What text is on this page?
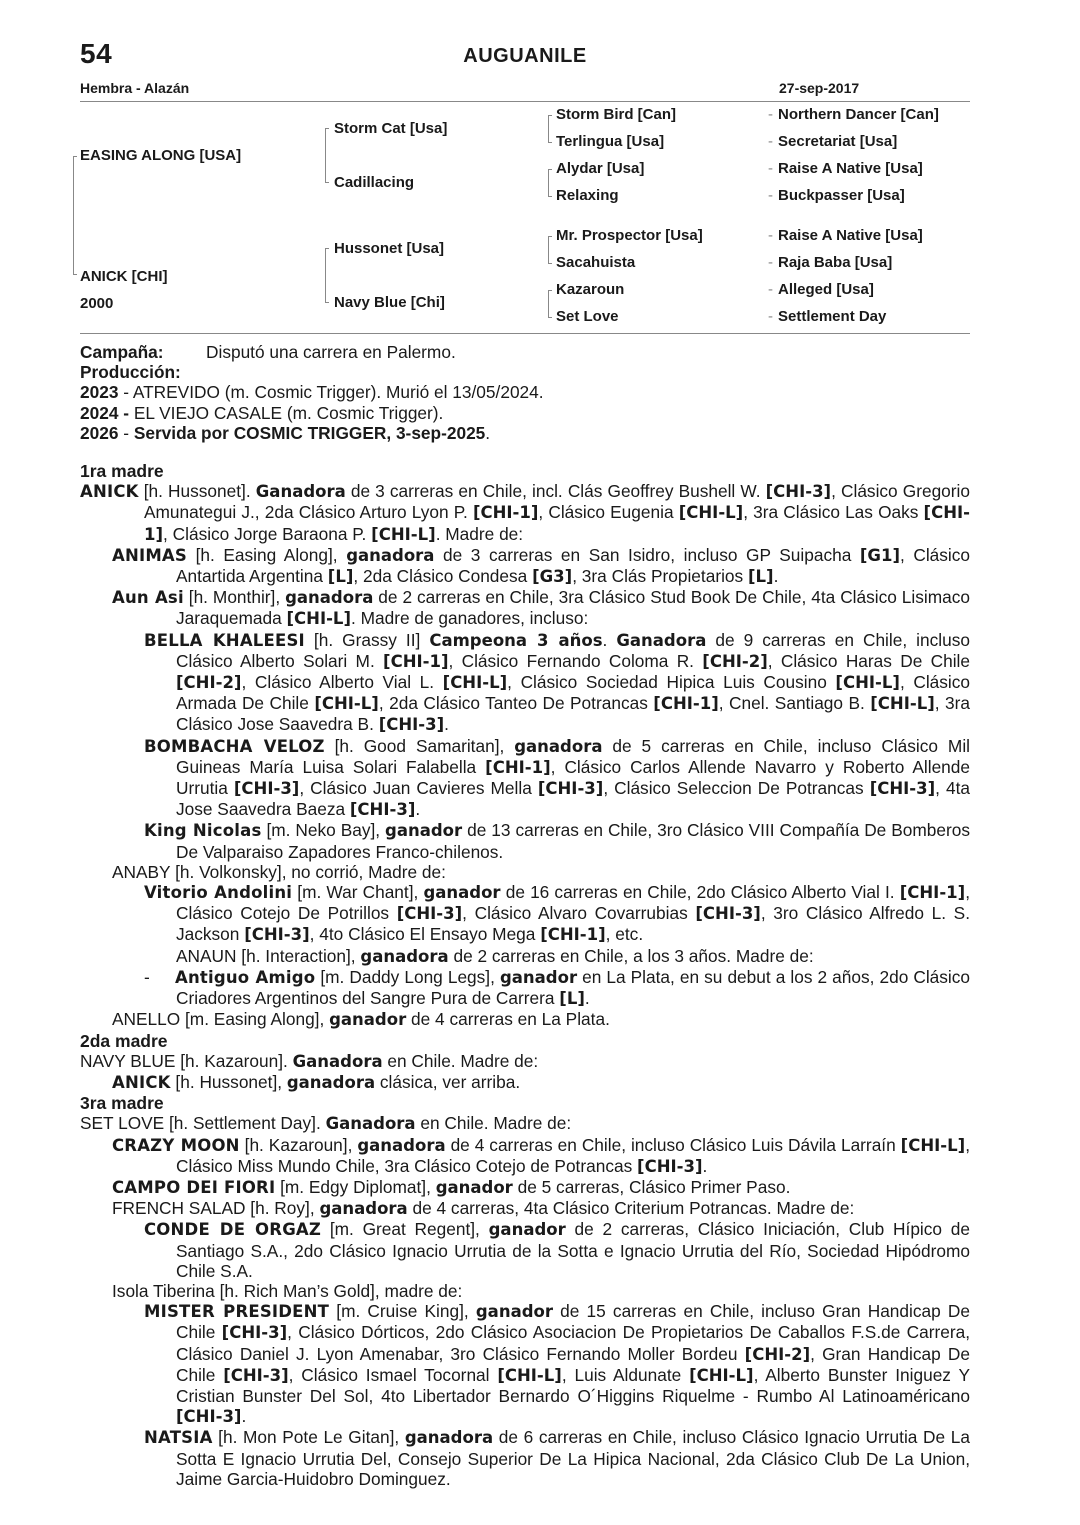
54	AUGUANILE
Hembra - Alazán	27-sep-2017
EASING ALONG [USA]
ANICK [CHI]
2000
Storm Cat [Usa]
Cadillacing
Hussonet [Usa]
Navy Blue [Chi]
Storm Bird [Can]
Terlingua [Usa]
Alydar [Usa]
Relaxing
Mr. Prospector [Usa]
Sacahuista
Kazaroun
Set Love
- Northern Dancer [Can]
- Secretariat [Usa]
- Raise A Native [Usa]
- Buckpasser [Usa]
- Raise A Native [Usa]
- Raja Baba [Usa]
- Alleged [Usa]
- Settlement Day

Campaña: Disputó una carrera en Palermo.

Producción:

2023 - ATREVIDO (m. Cosmic Trigger). Murió el 13/05/2024.

2024 - EL VIEJO CASALE (m. Cosmic Trigger).

2026 - Servida por COSMIC TRIGGER, 3-sep-2025.

1ra madre

ANICK [h. Hussonet]. Ganadora de 3 carreras en Chile, incl. Clás Geoffrey Bushell W. [CHI-3], Clásico Gregorio Amunategui J., 2da Clásico Arturo Lyon P. [CHI-1], Clásico Eugenia [CHI-L], 3ra Clásico Las Oaks [CHI-1], Clásico Jorge Baraona P. [CHI-L]. Madre de:

ANIMAS [h. Easing Along], ganadora de 3 carreras en San Isidro, incluso GP Suipacha [G1], Clásico Antartida Argentina [L], 2da Clásico Condesa [G3], 3ra Clás Propietarios [L].

Aun Asi [h. Monthir], ganadora de 2 carreras en Chile, 3ra Clásico Stud Book De Chile, 4ta Clásico Lisimaco Jaraquemada [CHI-L]. Madre de ganadores, incluso:

BELLA KHALEESI [h. Grassy II] Campeona 3 años. Ganadora de 9 carreras en Chile, incluso Clásico Alberto Solari M. [CHI-1], Clásico Fernando Coloma R. [CHI-2], Clásico Haras De Chile [CHI-2], Clásico Alberto Vial L. [CHI-L], Clásico Sociedad Hipica Luis Cousino [CHI-L], Clásico Armada De Chile [CHI-L], 2da Clásico Tanteo De Potrancas [CHI-1], Cnel. Santiago B. [CHI-L], 3ra Clásico Jose Saavedra B. [CHI-3].

BOMBACHA VELOZ [h. Good Samaritan], ganadora de 5 carreras en Chile, incluso Clásico Mil Guineas María Luisa Solari Falabella [CHI-1], Clásico Carlos Allende Navarro y Roberto Allende Urrutia [CHI-3], Clásico Juan Cavieres Mella [CHI-3], Clásico Seleccion De Potrancas [CHI-3], 4ta Jose Saavedra Baeza [CHI-3].

King Nicolas [m. Neko Bay], ganador de 13 carreras en Chile, 3ro Clásico VIII Compañía De Bomberos De Valparaiso Zapadores Franco-chilenos.

ANABY [h. Volkonsky], no corrió, Madre de:

Vitorio Andolini [m. War Chant], ganador de 16 carreras en Chile, 2do Clásico Alberto Vial I. [CHI-1], Clásico Cotejo De Potrillos [CHI-3], Clásico Alvaro Covarrubias [CHI-3], 3ro Clásico Alfredo L. S. Jackson [CHI-3], 4to Clásico El Ensayo Mega [CHI-1], etc.

ANAUN [h. Interaction], ganadora de 2 carreras en Chile, a los 3 años. Madre de:

-     Antiguo Amigo [m. Daddy Long Legs], ganador en La Plata, en su debut a los 2 años, 2do Clásico Criadores Argentinos del Sangre Pura de Carrera [L].

ANELLO [m. Easing Along], ganador de 4 carreras en La Plata.

2da madre

NAVY BLUE [h. Kazaroun]. Ganadora en Chile. Madre de:

ANICK [h. Hussonet], ganadora clásica, ver arriba.

3ra madre

SET LOVE [h. Settlement Day]. Ganadora en Chile. Madre de:

CRAZY MOON [h. Kazaroun], ganadora de 4 carreras en Chile, incluso Clásico Luis Dávila Larraín [CHI-L], Clásico Miss Mundo Chile, 3ra Clásico Cotejo de Potrancas [CHI-3].

CAMPO DEI FIORI [m. Edgy Diplomat], ganador de 5 carreras, Clásico Primer Paso.

FRENCH SALAD [h. Roy], ganadora de 4 carreras, 4ta Clásico Criterium Potrancas. Madre de:

CONDE DE ORGAZ [m. Great Regent], ganador de 2 carreras, Clásico Iniciación, Club Hípico de Santiago S.A., 2do Clásico Ignacio Urrutia de la Sotta e Ignacio Urrutia del Río, Sociedad Hipódromo Chile S.A.

Isola Tiberina [h. Rich Man’s Gold], madre de:

MISTER PRESIDENT [m. Cruise King], ganador de 15 carreras en Chile, incluso Gran Handicap De Chile [CHI-3], Clásico Dórticos, 2do Clásico Asociacion De Propietarios De Caballos F.S.de Carrera, Clásico Daniel J. Lyon Amenabar, 3ro Clásico Fernando Moller Bordeu [CHI-2], Gran Handicap De Chile [CHI-3], Clásico Ismael Tocornal [CHI-L], Luis Aldunate [CHI-L], Alberto Bunster Iniguez Y Cristian Bunster Del Sol, 4to Libertador Bernardo O´Higgins Riquelme - Rumbo Al Latinoaméricano [CHI-3].

NATSIA [h. Mon Pote Le Gitan], ganadora de 6 carreras en Chile, incluso Clásico Ignacio Urrutia De La Sotta E Ignacio Urrutia Del, Consejo Superior De La Hipica Nacional, 2da Clásico Club De La Union, Jaime Garcia-Huidobro Dominguez.
